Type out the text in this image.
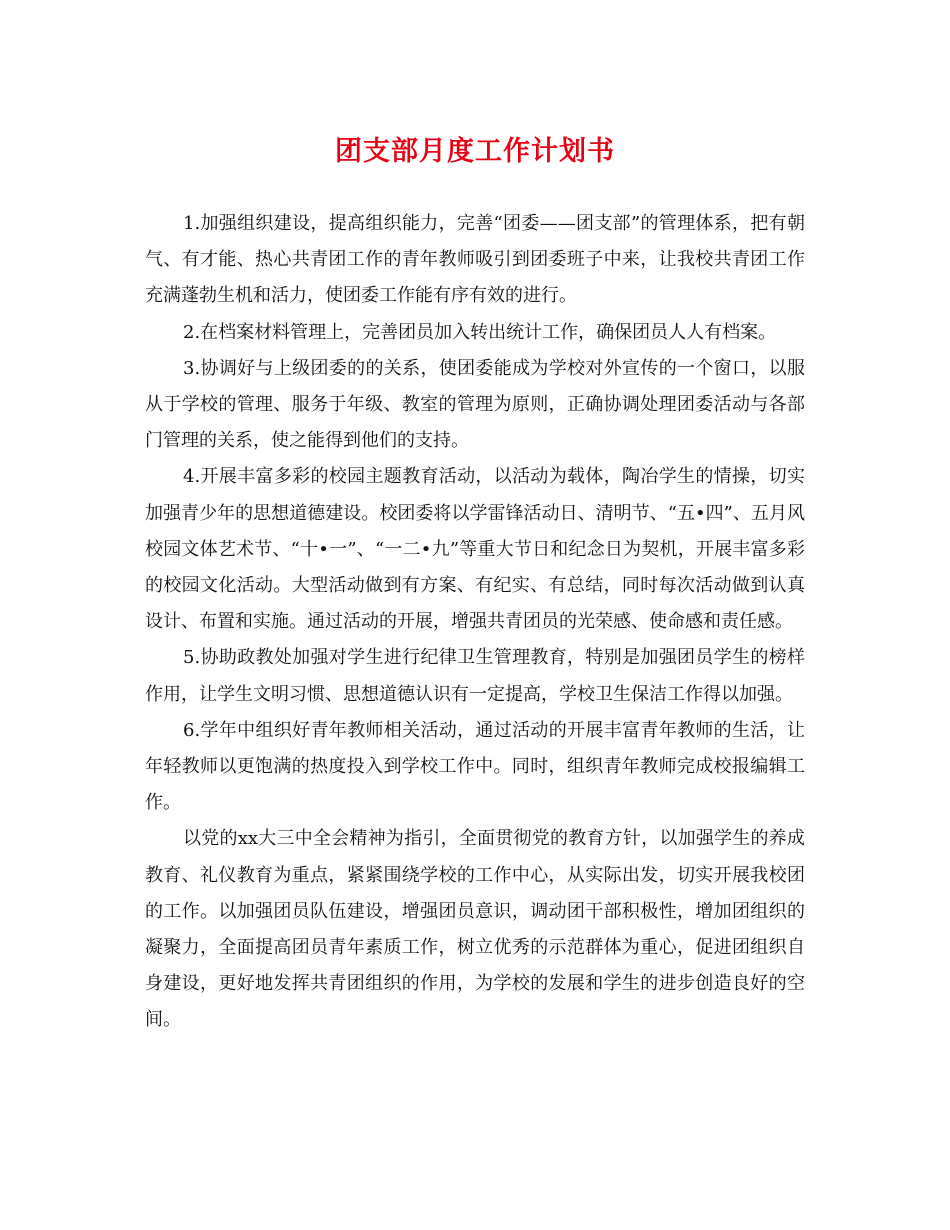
团支部月度工作计划书

1.加强组织建设，提高组织能力，完善“团委——团支部”的管理体系，把有朝气、有才能、热心共青团工作的青年教师吸引到团委班子中来，让我校共青团工作充满蓬勃生机和活力，使团委工作能有序有效的进行。

2.在档案材料管理上，完善团员加入转出统计工作，确保团员人人有档案。

3.协调好与上级团委的的关系，使团委能成为学校对外宣传的一个窗口，以服从于学校的管理、服务于年级、教室的管理为原则，正确协调处理团委活动与各部门管理的关系，使之能得到他们的支持。

4.开展丰富多彩的校园主题教育活动，以活动为载体，陶冶学生的情操，切实加强青少年的思想道德建设。校团委将以学雷锋活动日、清明节、“五•四”、五月风校园文体艺术节、“十•一”、“一二•九”等重大节日和纪念日为契机，开展丰富多彩的校园文化活动。大型活动做到有方案、有纪实、有总结，同时每次活动做到认真设计、布置和实施。通过活动的开展，增强共青团员的光荣感、使命感和责任感。

5.协助政教处加强对学生进行纪律卫生管理教育，特别是加强团员学生的榜样作用，让学生文明习惯、思想道德认识有一定提高，学校卫生保洁工作得以加强。

6.学年中组织好青年教师相关活动，通过活动的开展丰富青年教师的生活，让年轻教师以更饱满的热度投入到学校工作中。同时，组织青年教师完成校报编辑工作。

以党的xx大三中全会精神为指引，全面贯彻党的教育方针，以加强学生的养成教育、礼仪教育为重点，紧紧围绕学校的工作中心，从实际出发，切实开展我校团的工作。以加强团员队伍建设，增强团员意识，调动团干部积极性，增加团组织的凝聚力，全面提高团员青年素质工作，树立优秀的示范群体为重心，促进团组织自身建设，更好地发挥共青团组织的作用，为学校的发展和学生的进步创造良好的空间。
